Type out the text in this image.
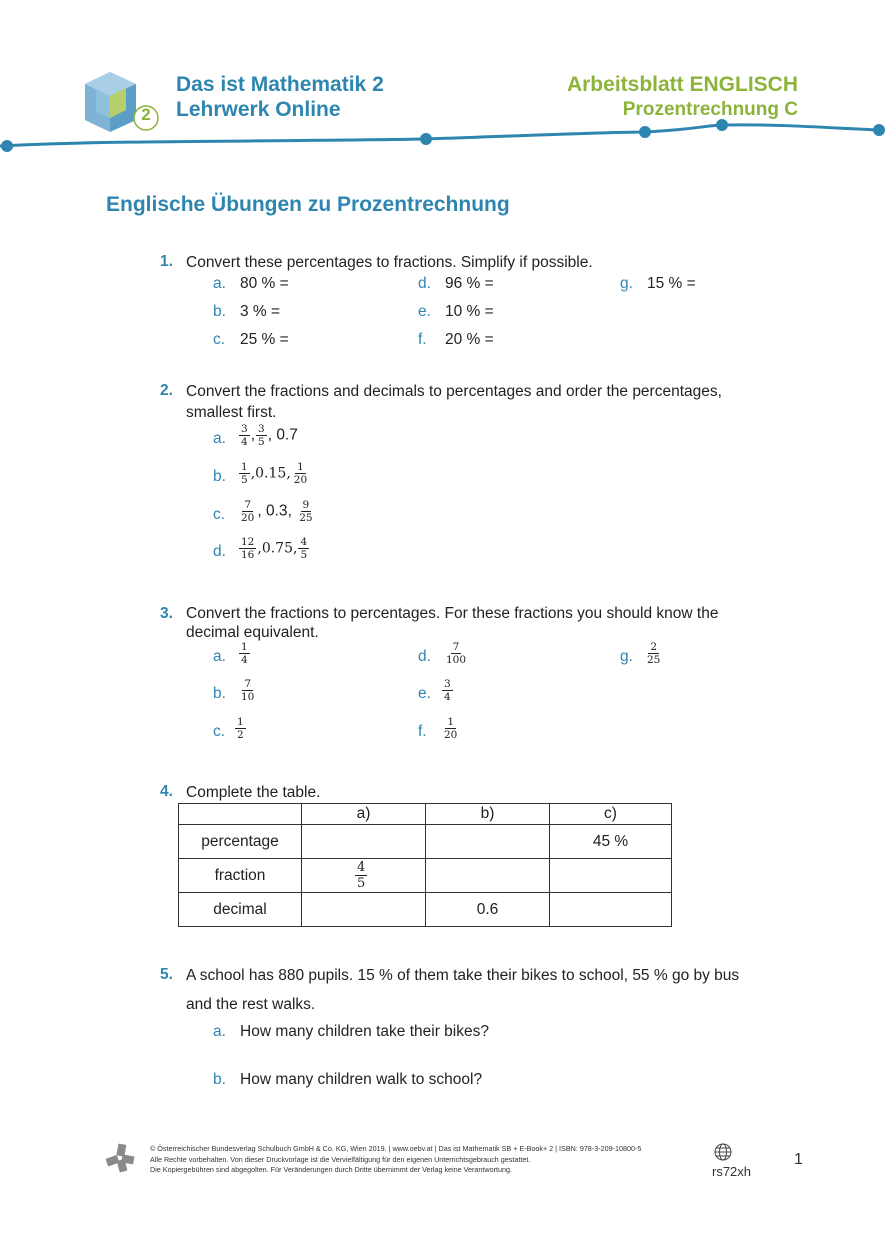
2
Das ist Mathematik 2
Lehrwerk Online
Arbeitsblatt ENGLISCH
Prozentrechnung C
Englische Übungen zu Prozentrechnung
1. Convert these percentages to fractions. Simplify if possible.
a. 80 % =
b. 3 % =
c. 25 % =
d. 96 % =
e. 10 % =
f. 20 % =
g. 15 % =
2. Convert the fractions and decimals to percentages and order the percentages, smallest first.
a. $\frac{3}{4}$ , $\frac{3}{5}$ , 0.7
b. $\frac{1}{5} ,0.15$, $\frac{1}{20}$
c. $\frac{7}{20}$ , 0.3, $\frac{9}{25}$
d. $\frac{12}{16} ,0.75$, $\frac{4}{5}$
3. Convert the fractions to percentages. For these fractions you should know the decimal equivalent.
a. $\frac{1}{4}$
b. $\frac{7}{10}$
c. $\frac{1}{2}$
d. $\frac{7}{100}$
e. $\frac{3}{4}$
f. $\frac{1}{20}$
g. $\frac{2}{25}$
4. Complete the table.
	a)	b)	c)
percentage			45 %
fraction	$\frac{4}{5}$

decimal		0.6	
5. A school has 880 pupils. 15 % of them take their bikes to school, 55 % go by bus
and the rest walks.
a. How many children take their bikes?
b. How many children walk to school?
© Österreichischer Bundesverlag Schulbuch GmbH & Co. KG, Wien 2019. | www.oebv.at | Das ist Mathematik SB + E-Book+ 2 | ISBN: 978-3-209-10800-5
Alle Rechte vorbehalten. Von dieser Druckvorlage ist die Vervielfältigung für den eigenen Unterrichtsgebrauch gestattet.
Die Kopiergebühren sind abgegolten. Für Veränderungen durch Dritte übernimmt der Verlag keine Verantwortung.	rs72xh
1
